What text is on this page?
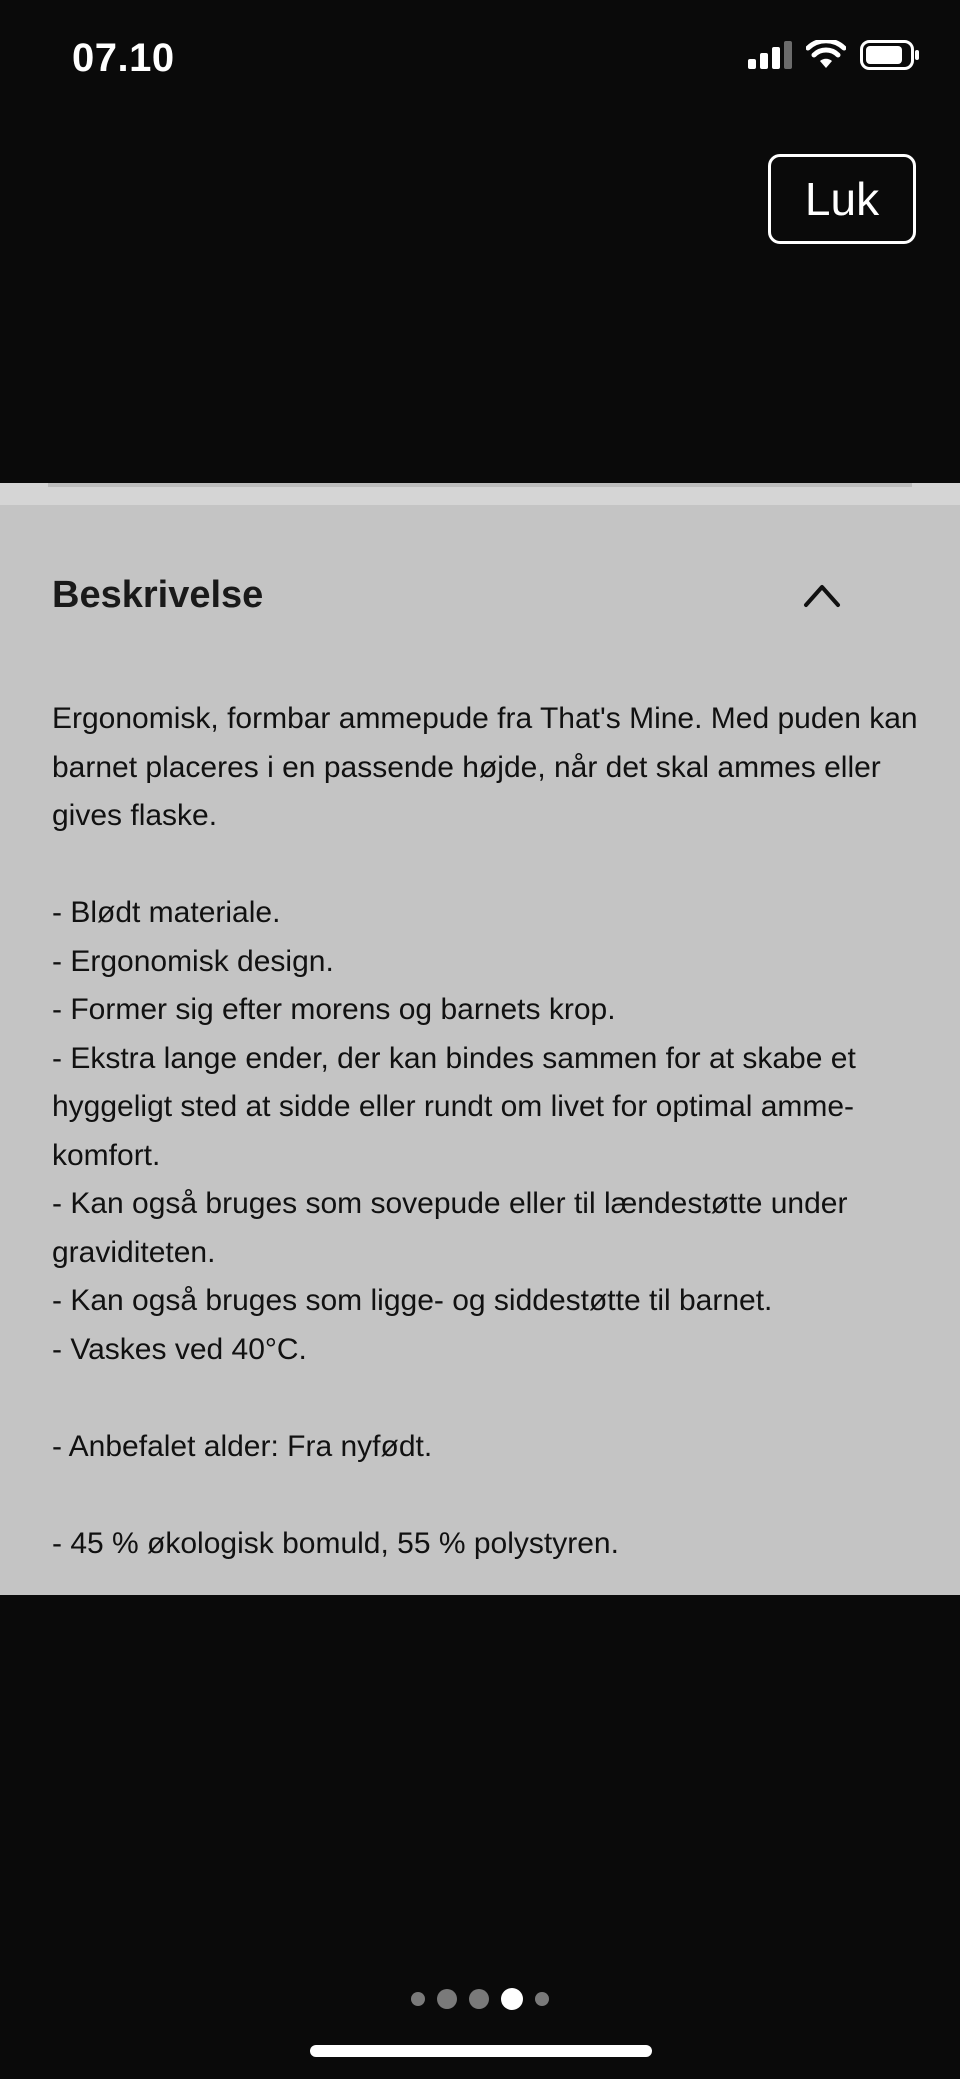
07.10
Luk
Beskrivelse

Ergonomisk, formbar ammepude fra That's Mine. Med puden kan barnet placeres i en passende højde, når det skal ammes eller gives flaske.

- Blødt materiale.

- Ergonomisk design.

- Former sig efter morens og barnets krop.

- Ekstra lange ender, der kan bindes sammen for at skabe et hyggeligt sted at sidde eller rundt om livet for optimal amme-komfort.

- Kan også bruges som sovepude eller til lændestøtte under graviditeten.

- Kan også bruges som ligge- og siddestøtte til barnet.

- Vaskes ved 40°C.

- Anbefalet alder: Fra nyfødt.

- 45 % økologisk bomuld, 55 % polystyren.
